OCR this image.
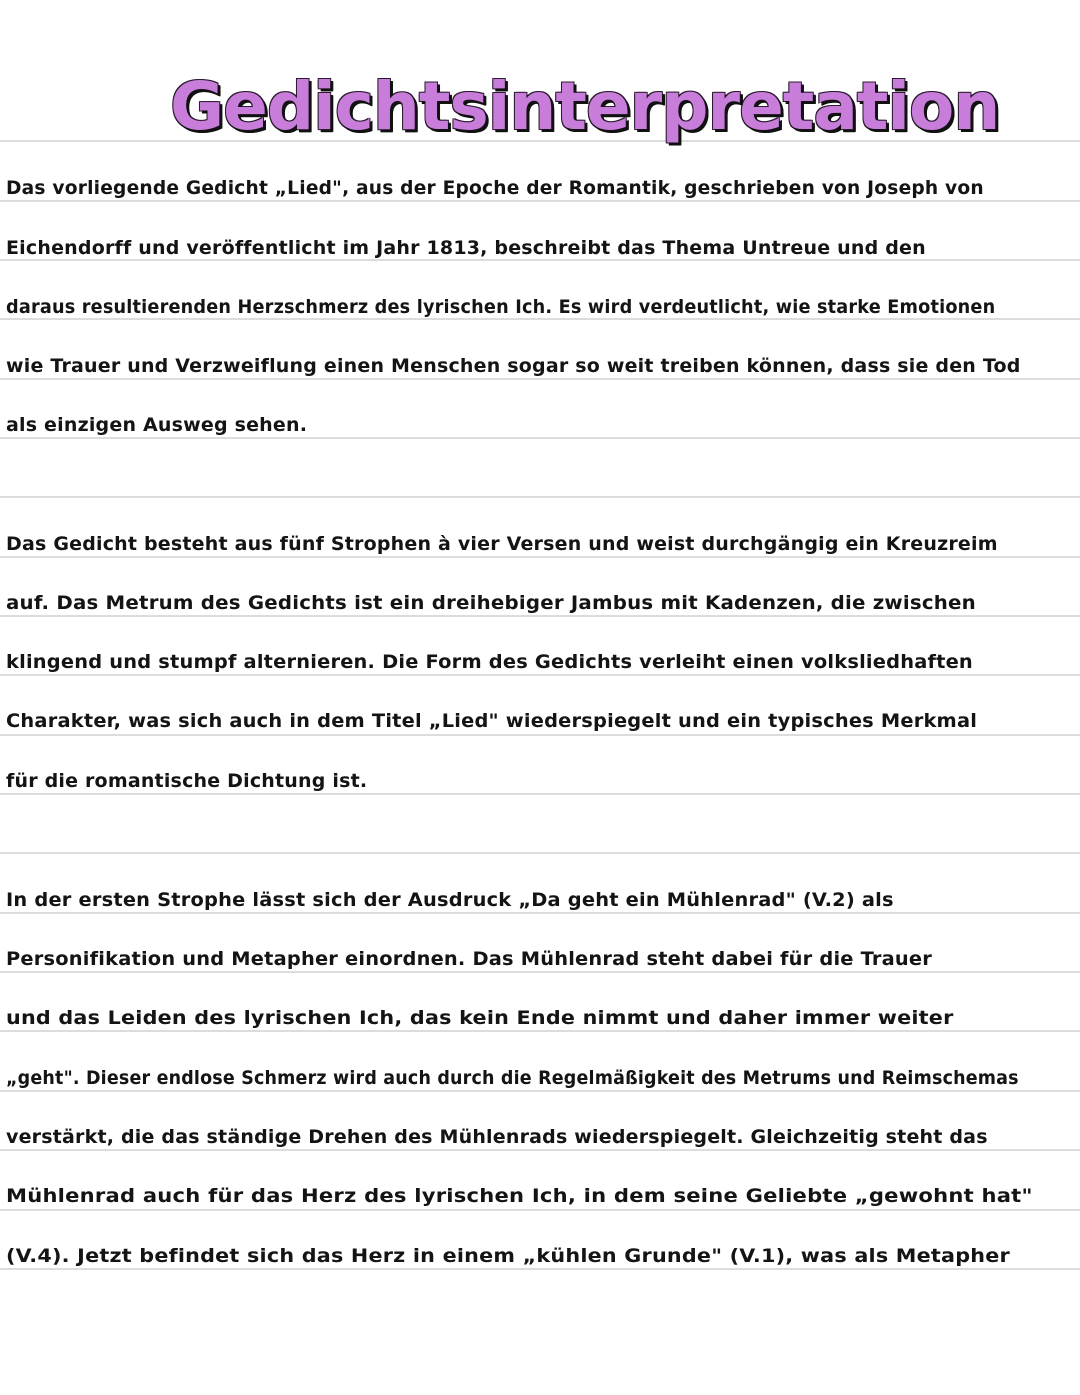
Gedichtsinterpretation
Das vorliegende Gedicht „Lied", aus der Epoche der Romantik, geschrieben von Joseph von
Eichendorff und veröffentlicht im Jahr 1813, beschreibt das Thema Untreue und den
daraus resultierenden Herzschmerz des lyrischen Ich. Es wird verdeutlicht, wie starke Emotionen
wie Trauer und Verzweiflung einen Menschen sogar so weit treiben können, dass sie den Tod
als einzigen Ausweg sehen.
Das Gedicht besteht aus fünf Strophen à vier Versen und weist durchgängig ein Kreuzreim
auf. Das Metrum des Gedichts ist ein dreihebiger Jambus mit Kadenzen, die zwischen
klingend und stumpf alternieren. Die Form des Gedichts verleiht einen volksliedhaften
Charakter, was sich auch in dem Titel „Lied" wiederspiegelt und ein typisches Merkmal
für die romantische Dichtung ist.
In der ersten Strophe lässt sich der Ausdruck „Da geht ein Mühlenrad" (V.2) als
Personifikation und Metapher einordnen. Das Mühlenrad steht dabei für die Trauer
und das Leiden des lyrischen Ich, das kein Ende nimmt und daher immer weiter
„geht". Dieser endlose Schmerz wird auch durch die Regelmäßigkeit des Metrums und Reimschemas
verstärkt, die das ständige Drehen des Mühlenrads wiederspiegelt. Gleichzeitig steht das
Mühlenrad auch für das Herz des lyrischen Ich, in dem seine Geliebte „gewohnt hat"
(V.4). Jetzt befindet sich das Herz in einem „kühlen Grunde" (V.1), was als Metapher
